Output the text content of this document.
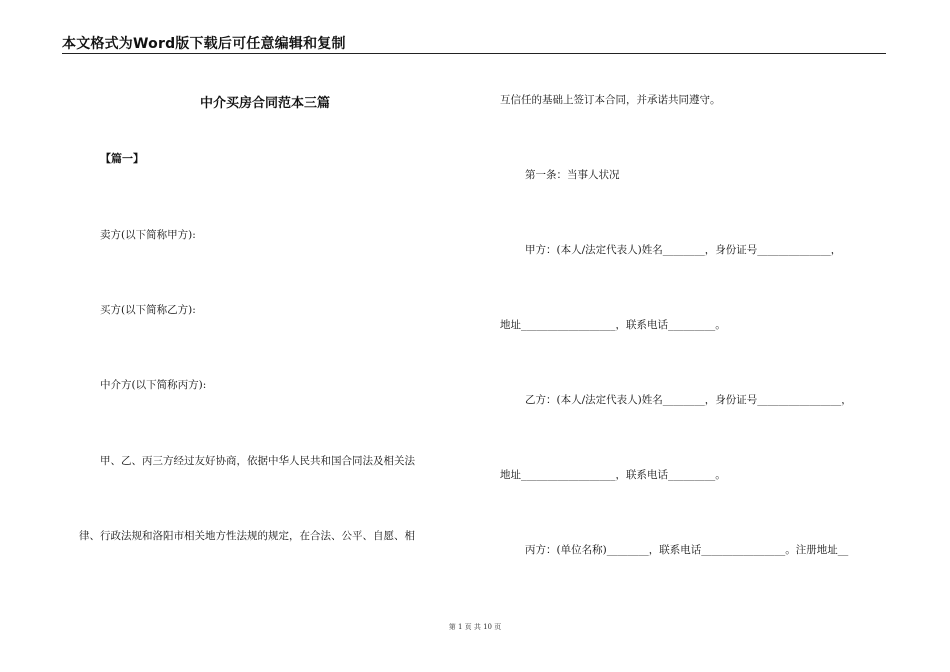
本文格式为Word版下载后可任意编辑和复制
中介买房合同范本三篇
【篇一】
卖方(以下简称甲方):
买方(以下简称乙方):
中介方(以下简称丙方):
甲、乙、丙三方经过友好协商，依据中华人民共和国合同法及相关法
律、行政法规和洛阳市相关地方性法规的规定，在合法、公平、自愿、相
互信任的基础上签订本合同，并承诺共同遵守。
第一条：当事人状况
甲方：(本人/法定代表人)姓名________，身份证号______________，
地址__________________，联系电话_________。
乙方：(本人/法定代表人)姓名________，身份证号________________，
地址__________________，联系电话_________。
丙方：(单位名称)________，联系电话________________。注册地址__
第 1 页 共 10 页
